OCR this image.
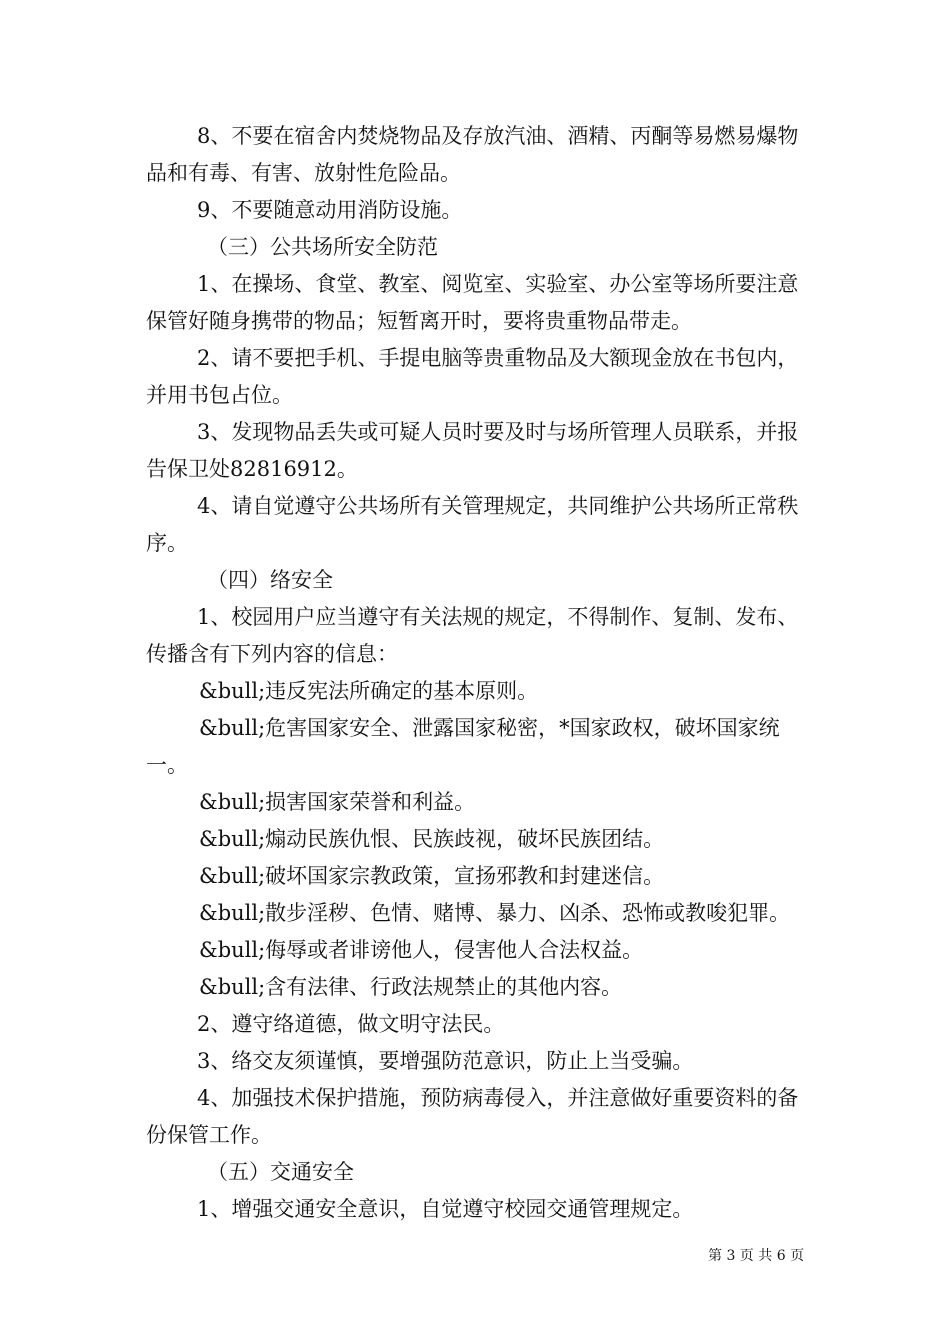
8、不要在宿舍内焚烧物品及存放汽油、酒精、丙酮等易燃易爆物品和有毒、有害、放射性危险品。

9、不要随意动用消防设施。

（三）公共场所安全防范

1、在操场、食堂、教室、阅览室、实验室、办公室等场所要注意保管好随身携带的物品；短暂离开时，要将贵重物品带走。

2、请不要把手机、手提电脑等贵重物品及大额现金放在书包内，并用书包占位。

3、发现物品丢失或可疑人员时要及时与场所管理人员联系，并报告保卫处82816912。

4、请自觉遵守公共场所有关管理规定，共同维护公共场所正常秩序。

（四）络安全

1、校园用户应当遵守有关法规的规定，不得制作、复制、发布、传播含有下列内容的信息：

&bull;违反宪法所确定的基本原则。

&bull;危害国家安全、泄露国家秘密，*国家政权，破坏国家统一。

&bull;损害国家荣誉和利益。

&bull;煽动民族仇恨、民族歧视，破坏民族团结。

&bull;破坏国家宗教政策，宣扬邪教和封建迷信。

&bull;散步淫秽、色情、赌博、暴力、凶杀、恐怖或教唆犯罪。

&bull;侮辱或者诽谤他人，侵害他人合法权益。

&bull;含有法律、行政法规禁止的其他内容。

2、遵守络道德，做文明守法民。

3、络交友须谨慎，要增强防范意识，防止上当受骗。

4、加强技术保护措施，预防病毒侵入，并注意做好重要资料的备份保管工作。

（五）交通安全

1、增强交通安全意识，自觉遵守校园交通管理规定。

第 3 页 共 6 页
